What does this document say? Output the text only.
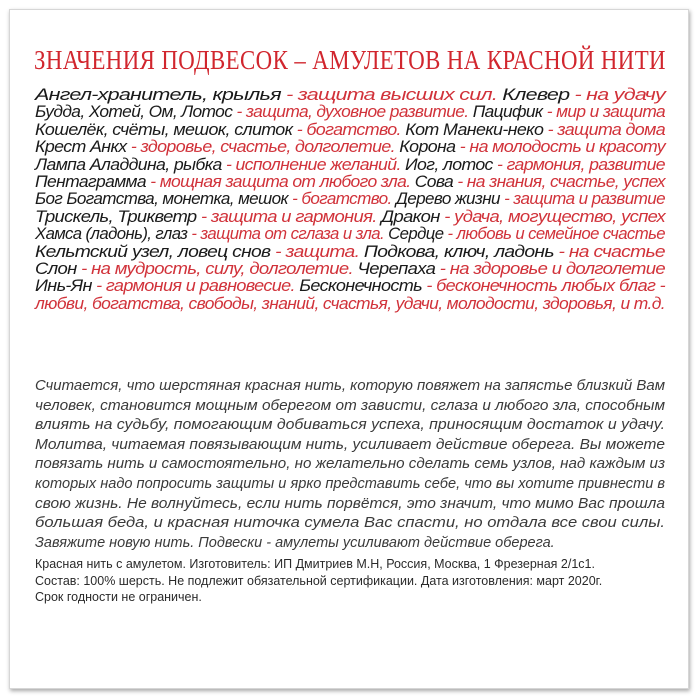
ЗНАЧЕНИЯ ПОДВЕСОК – АМУЛЕТОВ НА КРАСНОЙ НИТИ
Ангел-хранитель, крылья - защита высших сил. Клевер - на удачу
Будда, Хотей, Ом, Лотос - защита, духовное развитие. Пацифик - мир и защита
Кошелёк, счёты, мешок, слиток - богатство. Кот Манеки-неко - защита дома
Крест Анкх - здоровье, счастье, долголетие. Корона - на молодость и красоту
Лампа Аладдина, рыбка - исполнение желаний. Иог, лотос - гармония, развитие
Пентаграмма - мощная защита от любого зла. Сова - на знания, счастье, успех
Бог Богатства, монетка, мешок - богатство. Дерево жизни - защита и развитие
Трискель, Трикветр - защита и гармония. Дракон - удача, могущество, успех
Хамса (ладонь), глаз - защита от сглаза и зла. Сердце - любовь и семейное счастье
Кельтский узел, ловец снов - защита. Подкова, ключ, ладонь - на счастье
Слон - на мудрость, силу, долголетие. Черепаха - на здоровье и долголетие
Инь-Ян - гармония и равновесие. Бесконечность - бесконечность любых благ -
любви, богатства, свободы, знаний, счастья, удачи, молодости, здоровья, и т.д.
Считается, что шерстяная красная нить, которую повяжет на запястье близкий Вам
человек, становится мощным оберегом от зависти, сглаза и любого зла, способным
влиять на судьбу, помогающим добиваться успеха, приносящим достаток и удачу.
Молитва, читаемая повязывающим нить, усиливает действие оберега. Вы можете
повязать нить и самостоятельно, но желательно сделать семь узлов, над каждым из
которых надо попросить защиты и ярко представить себе, что вы хотите привнести в
свою жизнь. Не волнуйтесь, если нить порвётся, это значит, что мимо Вас прошла
большая беда, и красная ниточка сумела Вас спасти, но отдала все свои силы.
Завяжите новую нить. Подвески - амулеты усиливают действие оберега.
Красная нить с амулетом. Изготовитель: ИП Дмитриев М.Н, Россия, Москва, 1 Фрезерная 2/1с1.
Состав: 100% шерсть. Не подлежит обязательной сертификации. Дата изготовления: март 2020г.
Срок годности не ограничен.
